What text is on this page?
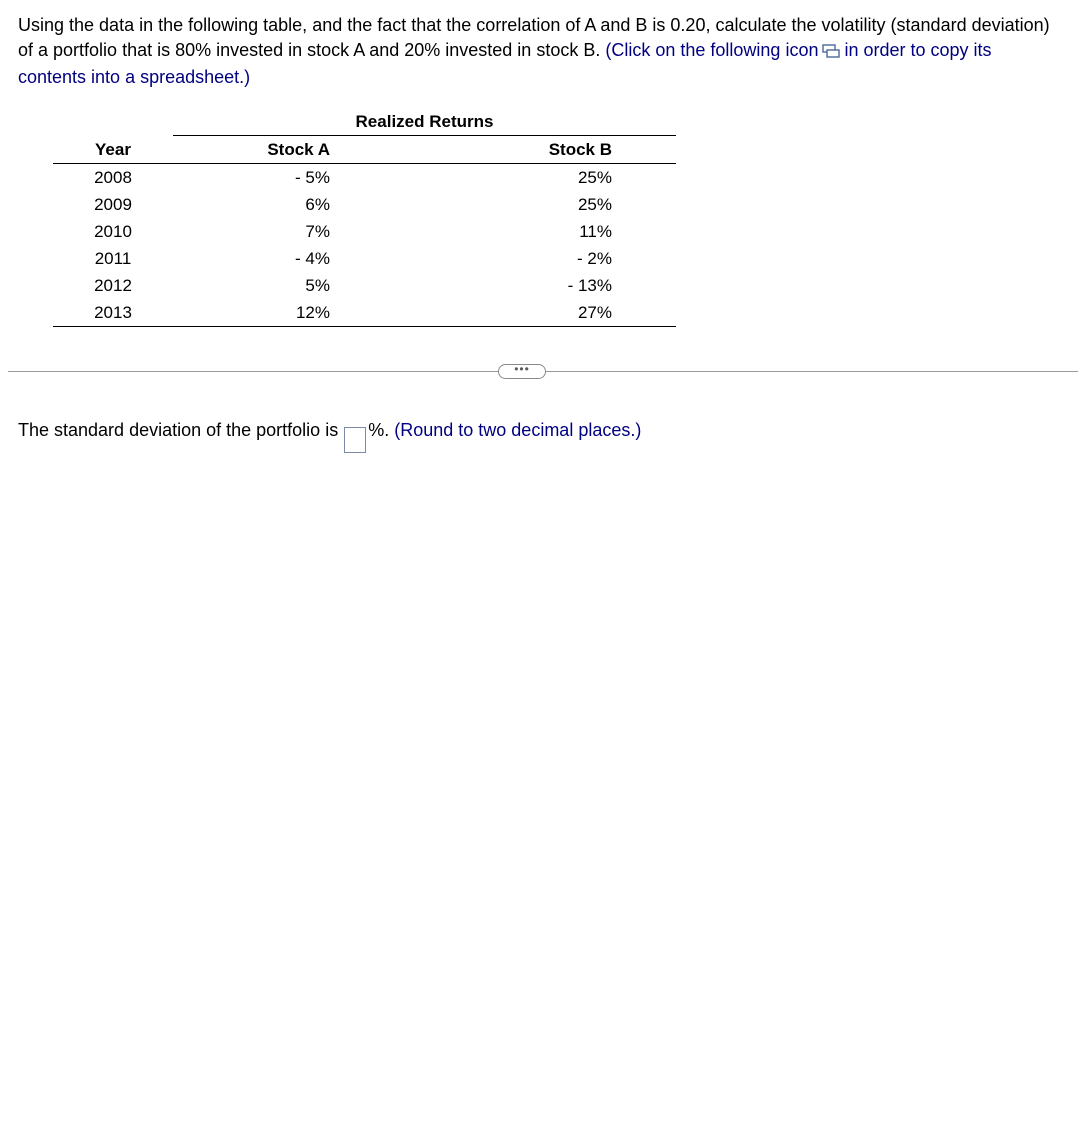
Using the data in the following table, and the fact that the correlation of A and B is 0.20, calculate the volatility (standard deviation) of a portfolio that is 80% invested in stock A and 20% invested in stock B. (Click on the following icon in order to copy its contents into a spreadsheet.)
	Realized Returns		
Year	Stock A	Stock B	
2008	- 5%	25%	
2009	6%	25%	
2010	7%	11%	
2011	- 4%	- 2%	
2012	5%	- 13%	
2013	12%	27%	
•••
The standard deviation of the portfolio is %. (Round to two decimal places.)
